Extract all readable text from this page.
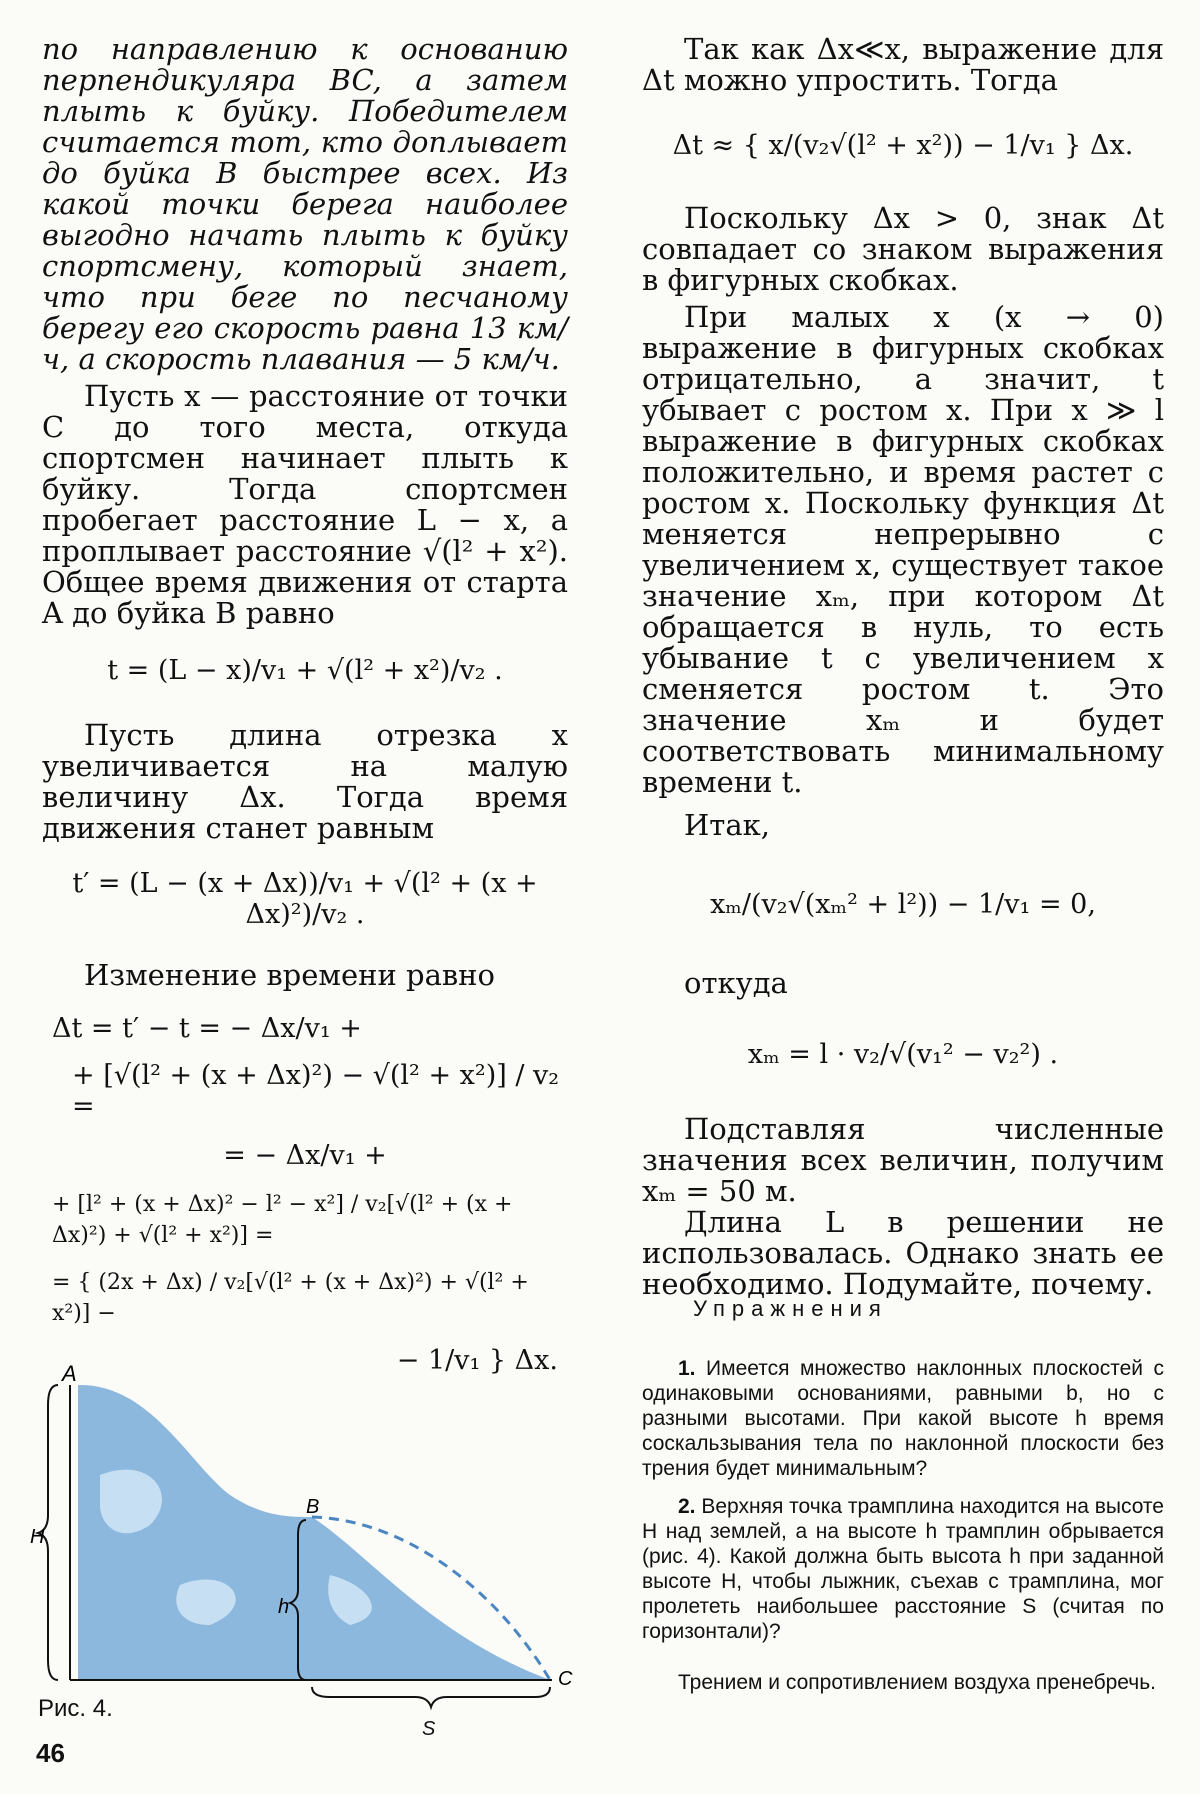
по направлению к основанию перпендикуляра BC, а затем плыть к буйку. Победителем считается тот, кто доплывает до буйка B быстрее всех. Из какой точки берега наиболее выгодно начать плыть к буйку спортсмену, который знает, что при беге по песчаному берегу его скорость равна 13 км/ч, а скорость плавания — 5 км/ч.

Пусть x — расстояние от точки C до того места, откуда спортсмен начинает плыть к буйку. Тогда спортсмен пробегает расстояние L − x, а проплывает расстояние √(l² + x²). Общее время движения от старта A до буйка B равно

t = (L − x)/v₁ + √(l² + x²)/v₂ .

Пусть длина отрезка x увеличивается на малую величину Δx. Тогда время движения станет равным

t′ = (L − (x + Δx))/v₁ + √(l² + (x + Δx)²)/v₂ .

Изменение времени равно

Δt = t′ − t = − Δx/v₁ +
+ [√(l² + (x + Δx)²) − √(l² + x²)] / v₂ =
= − Δx/v₁ +
+ [l² + (x + Δx)² − l² − x²] / v₂[√(l² + (x + Δx)²) + √(l² + x²)] =
= { (2x + Δx) / v₂[√(l² + (x + Δx)²) + √(l² + x²)] −
− 1/v₁ } Δx.

Так как Δx≪x, выражение для Δt можно упростить. Тогда

Δt ≈ { x/(v₂√(l² + x²)) − 1/v₁ } Δx.

Поскольку Δx > 0, знак Δt совпадает со знаком выражения в фигурных скобках.

При малых x (x → 0) выражение в фигурных скобках отрицательно, а значит, t убывает с ростом x. При x ≫ l выражение в фигурных скобках положительно, и время растет с ростом x. Поскольку функция Δt меняется непрерывно с увеличением x, существует такое значение xₘ, при котором Δt обращается в нуль, то есть убывание t с увеличением x сменяется ростом t. Это значение xₘ и будет соответствовать минимальному времени t.

Итак,

xₘ/(v₂√(xₘ² + l²)) − 1/v₁ = 0,

откуда

xₘ = l · v₂/√(v₁² − v₂²) .

Подставляя численные значения всех величин, получим xₘ = 50 м.

Длина L в решении не использовалась. Однако знать ее необходимо. Подумайте, почему.

Упражнения
1. Имеется множество наклонных плоскостей с одинаковыми основаниями, равными b, но с разными высотами. При какой высоте h время соскальзывания тела по наклонной плоскости без трения будет минимальным?
2. Верхняя точка трамплина находится на высоте H над землей, а на высоте h трамплин обрывается (рис. 4). Какой должна быть высота h при заданной высоте H, чтобы лыжник, съехав с трамплина, мог пролететь наибольшее расстояние S (считая по горизонтали)?
Трением и сопротивлением воздуха пренебречь.
A
B
C
H
h
S
Рис. 4.
46
